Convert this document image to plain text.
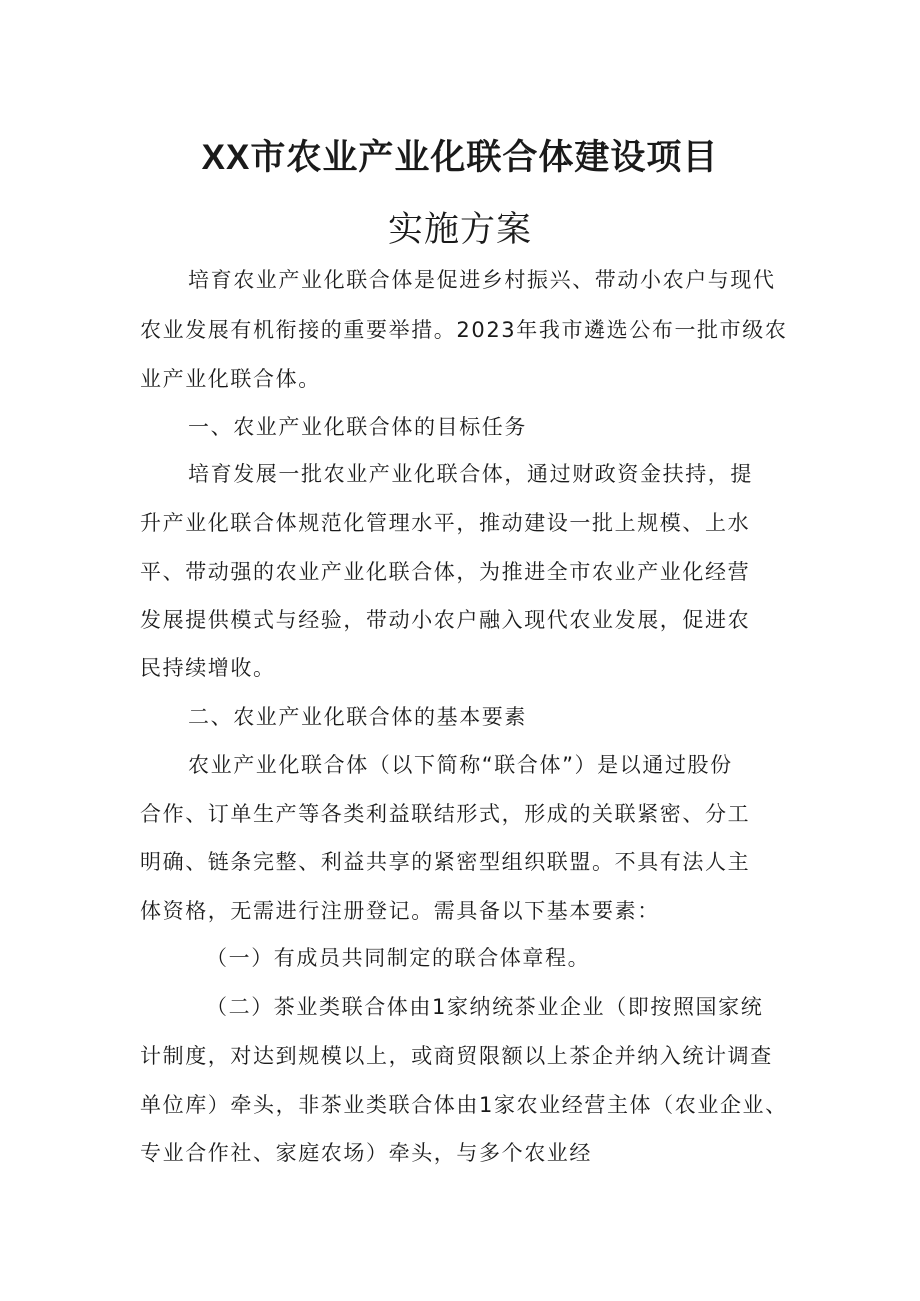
XX市农业产业化联合体建设项目
实施方案
培育农业产业化联合体是促进乡村振兴、带动小农户与现代
农业发展有机衔接的重要举措。2023年我市遴选公布一批市级农
业产业化联合体。
一、农业产业化联合体的目标任务
培育发展一批农业产业化联合体，通过财政资金扶持，提
升产业化联合体规范化管理水平，推动建设一批上规模、上水
平、带动强的农业产业化联合体，为推进全市农业产业化经营
发展提供模式与经验，带动小农户融入现代农业发展，促进农
民持续增收。
二、农业产业化联合体的基本要素
农业产业化联合体（以下简称“联合体”）是以通过股份
合作、订单生产等各类利益联结形式，形成的关联紧密、分工
明确、链条完整、利益共享的紧密型组织联盟。不具有法人主
体资格，无需进行注册登记。需具备以下基本要素：
（一）有成员共同制定的联合体章程。
（二）茶业类联合体由1家纳统茶业企业（即按照国家统
计制度，对达到规模以上，或商贸限额以上茶企并纳入统计调查
单位库）牵头，非茶业类联合体由1家农业经营主体（农业企业、
专业合作社、家庭农场）牵头，与多个农业经
